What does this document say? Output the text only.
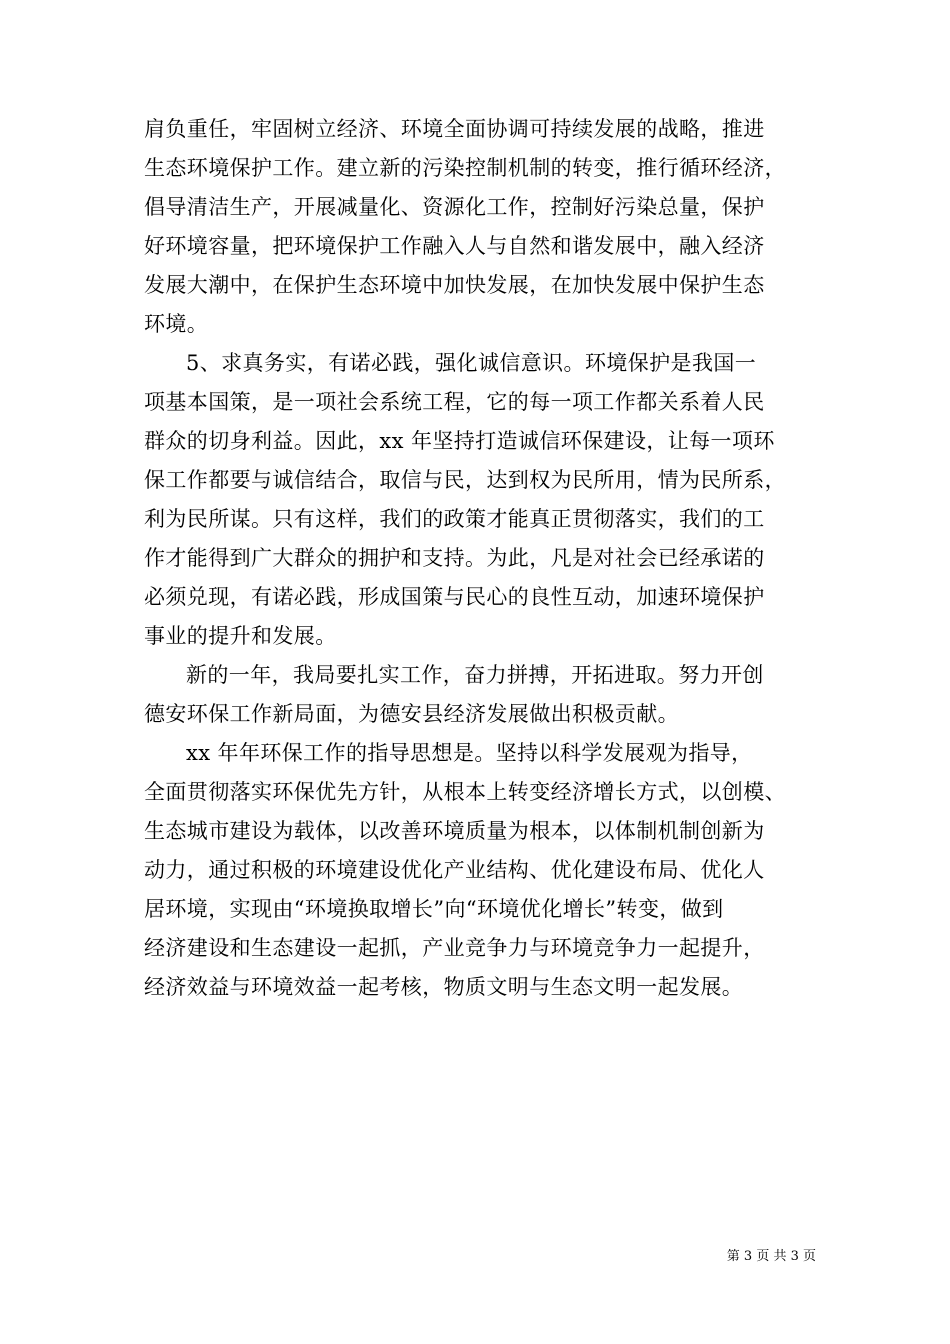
肩负重任，牢固树立经济、环境全面协调可持续发展的战略，推进
生态环境保护工作。建立新的污染控制机制的转变，推行循环经济，
倡导清洁生产，开展减量化、资源化工作，控制好污染总量，保护
好环境容量，把环境保护工作融入人与自然和谐发展中，融入经济
发展大潮中，在保护生态环境中加快发展，在加快发展中保护生态
环境。
5、求真务实，有诺必践，强化诚信意识。环境保护是我国一
项基本国策，是一项社会系统工程，它的每一项工作都关系着人民
群众的切身利益。因此，xx 年坚持打造诚信环保建设，让每一项环
保工作都要与诚信结合，取信与民，达到权为民所用，情为民所系，
利为民所谋。只有这样，我们的政策才能真正贯彻落实，我们的工
作才能得到广大群众的拥护和支持。为此，凡是对社会已经承诺的
必须兑现，有诺必践，形成国策与民心的良性互动，加速环境保护
事业的提升和发展。
新的一年，我局要扎实工作，奋力拼搏，开拓进取。努力开创
德安环保工作新局面，为德安县经济发展做出积极贡献。
xx 年年环保工作的指导思想是。坚持以科学发展观为指导，
全面贯彻落实环保优先方针，从根本上转变经济增长方式，以创模、
生态城市建设为载体，以改善环境质量为根本，以体制机制创新为
动力，通过积极的环境建设优化产业结构、优化建设布局、优化人
居环境，实现由“环境换取增长”向“环境优化增长”转变，做到
经济建设和生态建设一起抓，产业竞争力与环境竞争力一起提升，
经济效益与环境效益一起考核，物质文明与生态文明一起发展。
第 3 页 共 3 页
